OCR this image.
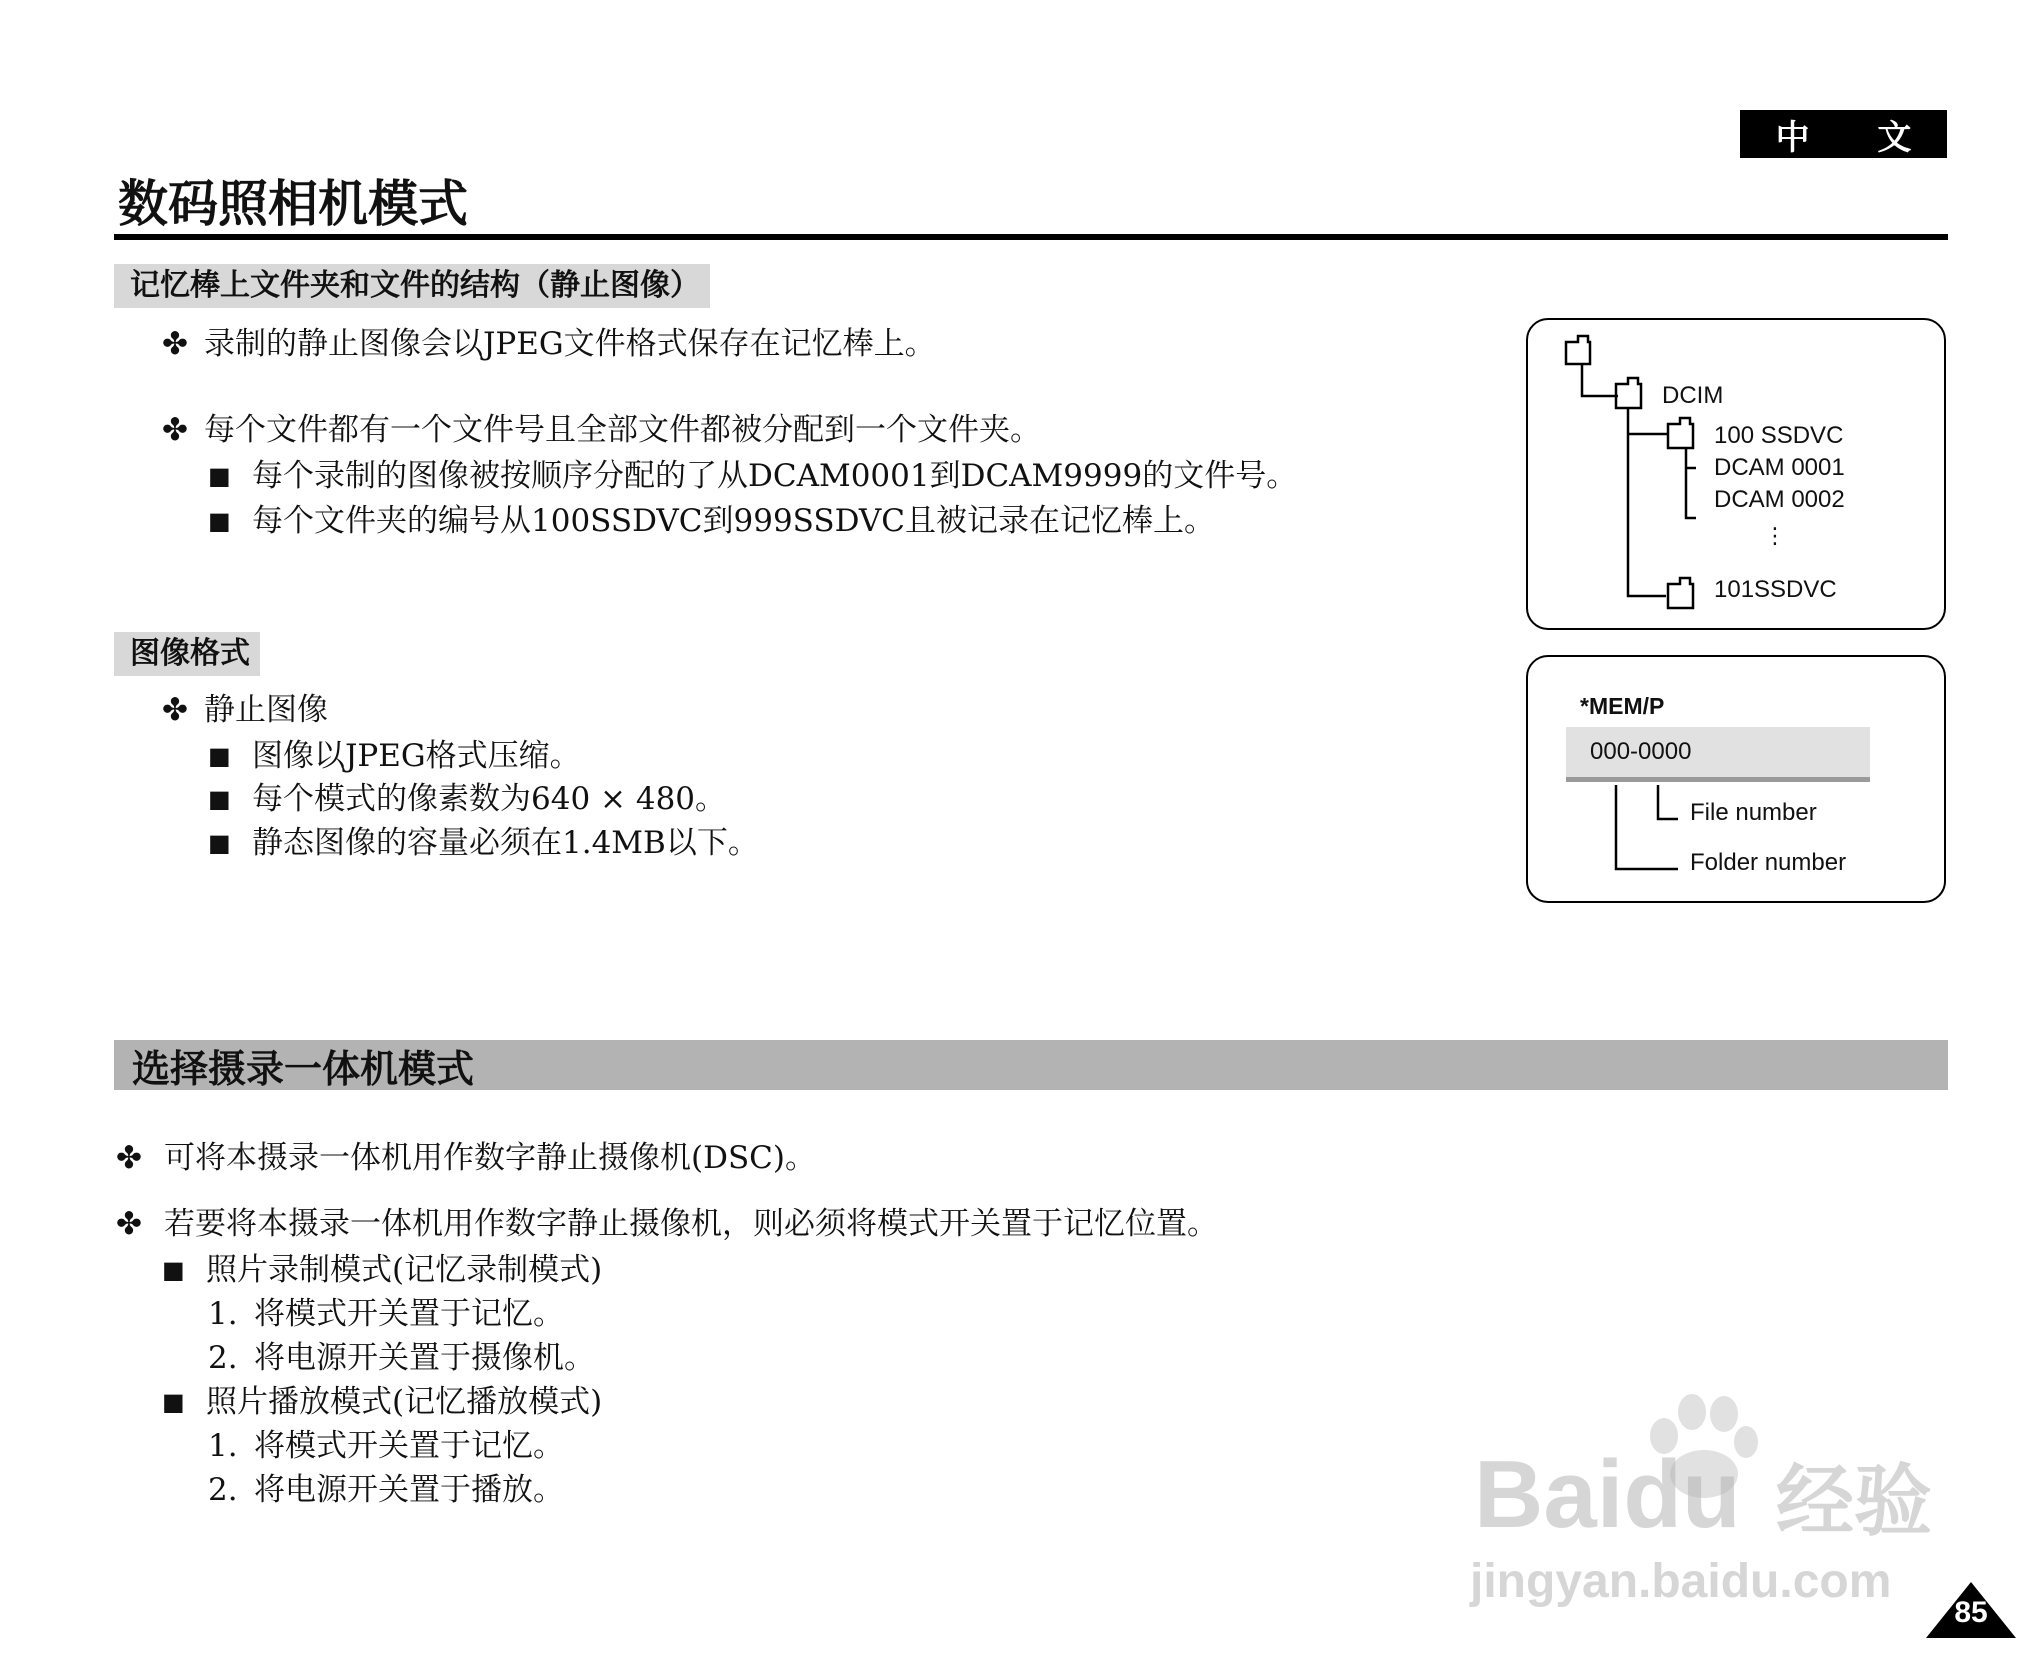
中 文
数码照相机模式
记忆棒上文件夹和文件的结构（静止图像）
✤ 录制的静止图像会以JPEG文件格式保存在记忆棒上。
✤ 每个文件都有一个文件号且全部文件都被分配到一个文件夹。
■ 每个录制的图像被按顺序分配的了从DCAM0001到DCAM9999的文件号。
■ 每个文件夹的编号从100SSDVC到999SSDVC且被记录在记忆棒上。
图像格式
✤ 静止图像
■ 图像以JPEG格式压缩。
■ 每个模式的像素数为640 × 480。
■ 静态图像的容量必须在1.4MB以下。
DCIM
100 SSDVC
DCAM 0001
DCAM 0002
⋮
101SSDVC
*MEM/P
000-0000
File number
Folder number
选择摄录一体机模式
✤ 可将本摄录一体机用作数字静止摄像机(DSC)。
✤ 若要将本摄录一体机用作数字静止摄像机，则必须将模式开关置于记忆位置。
■ 照片录制模式(记忆录制模式)
1. 将模式开关置于记忆。
2. 将电源开关置于摄像机。
■ 照片播放模式(记忆播放模式)
1. 将模式开关置于记忆。
2. 将电源开关置于播放。	Baidu 经验
jingyan.baidu.com
85
